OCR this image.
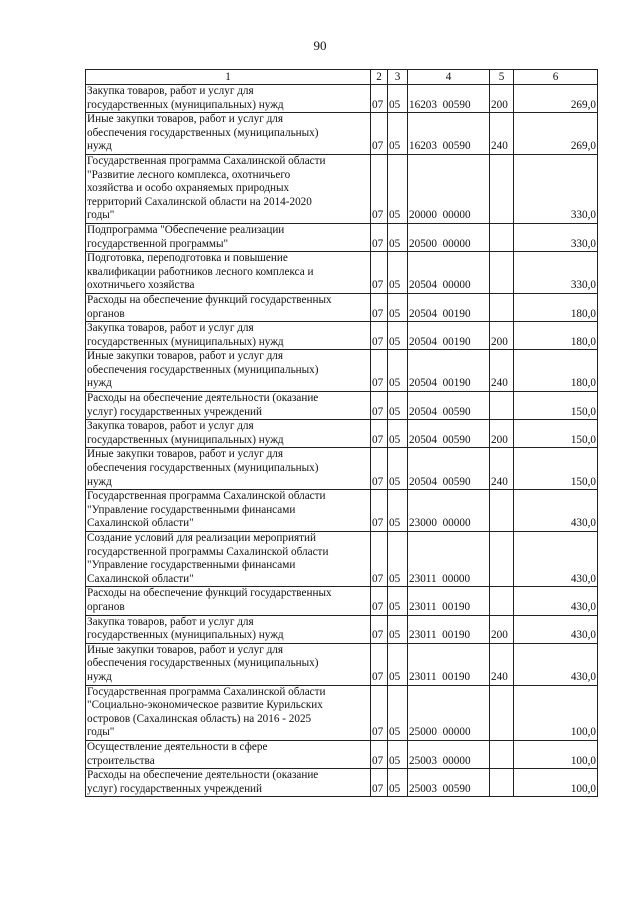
90
1	2	3	4	5	6
Закупка товаров, работ и услуг для
государственных (муниципальных) нужд	07	05	16203  00590	200	269,0
Иные закупки товаров, работ и услуг для
обеспечения государственных (муниципальных)
нужд	07	05	16203  00590	240	269,0
Государственная программа Сахалинской области
"Развитие лесного комплекса, охотничьего
хозяйства и особо охраняемых природных
территорий Сахалинской области на 2014-2020
годы"	07	05	20000  00000		330,0
Подпрограмма "Обеспечение реализации
государственной программы"	07	05	20500  00000		330,0
Подготовка, переподготовка и повышение
квалификации работников лесного комплекса и
охотничьего хозяйства	07	05	20504  00000		330,0
Расходы на обеспечение функций государственных
органов	07	05	20504  00190		180,0
Закупка товаров, работ и услуг для
государственных (муниципальных) нужд	07	05	20504  00190	200	180,0
Иные закупки товаров, работ и услуг для
обеспечения государственных (муниципальных)
нужд	07	05	20504  00190	240	180,0
Расходы на обеспечение деятельности (оказание
услуг) государственных учреждений	07	05	20504  00590		150,0
Закупка товаров, работ и услуг для
государственных (муниципальных) нужд	07	05	20504  00590	200	150,0
Иные закупки товаров, работ и услуг для
обеспечения государственных (муниципальных)
нужд	07	05	20504  00590	240	150,0
Государственная программа Сахалинской области
"Управление государственными финансами
Сахалинской области"	07	05	23000  00000		430,0
Создание условий для реализации мероприятий
государственной программы Сахалинской области
"Управление государственными финансами
Сахалинской области"	07	05	23011  00000		430,0
Расходы на обеспечение функций государственных
органов	07	05	23011  00190		430,0
Закупка товаров, работ и услуг для
государственных (муниципальных) нужд	07	05	23011  00190	200	430,0
Иные закупки товаров, работ и услуг для
обеспечения государственных (муниципальных)
нужд	07	05	23011  00190	240	430,0
Государственная программа Сахалинской области
"Социально-экономическое развитие Курильских
островов (Сахалинская область) на 2016 - 2025
годы"	07	05	25000  00000		100,0
Осуществление деятельности в сфере
строительства	07	05	25003  00000		100,0
Расходы на обеспечение деятельности (оказание
услуг) государственных учреждений	07	05	25003  00590		100,0
